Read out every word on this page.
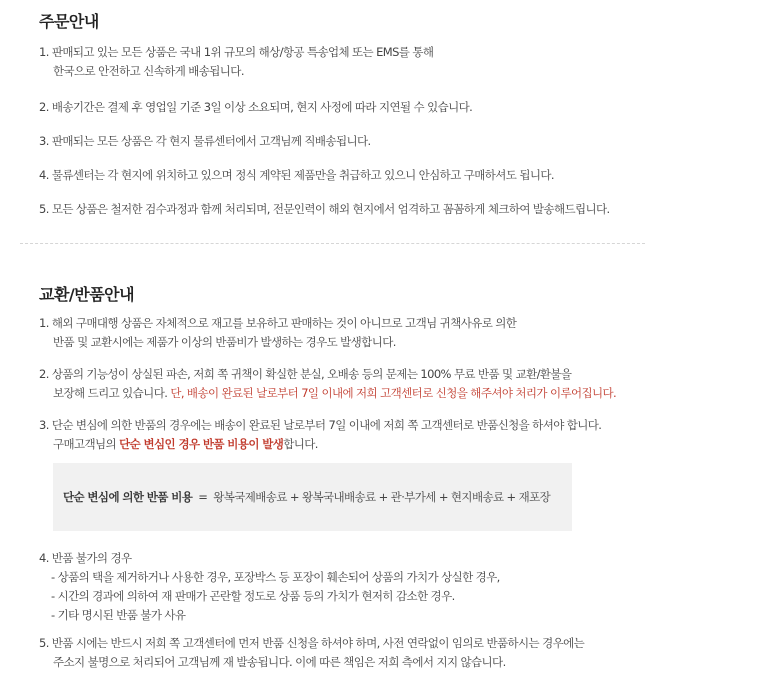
주문안내
1. 판매되고 있는 모든 상품은 국내 1위 규모의 해상/항공 특송업체 또는 EMS를 통해
한국으로 안전하고 신속하게 배송됩니다.
2. 배송기간은 결제 후 영업일 기준 3일 이상 소요되며, 현지 사정에 따라 지연될 수 있습니다.
3. 판매되는 모든 상품은 각 현지 물류센터에서 고객님께 직배송됩니다.
4. 물류센터는 각 현지에 위치하고 있으며 정식 계약된 제품만을 취급하고 있으니 안심하고 구매하셔도 됩니다.
5. 모든 상품은 철저한 검수과정과 함께 처리되며, 전문인력이 해외 현지에서 엄격하고 꼼꼼하게 체크하여 발송해드립니다.
교환/반품안내
1. 해외 구매대행 상품은 자체적으로 재고를 보유하고 판매하는 것이 아니므로 고객님 귀책사유로 의한
반품 및 교환시에는 제품가 이상의 반품비가 발생하는 경우도 발생합니다.
2. 상품의 기능성이 상실된 파손, 저희 쪽 귀책이 확실한 분실, 오배송 등의 문제는 100% 무료 반품 및 교환/환불을
보장해 드리고 있습니다. 단, 배송이 완료된 날로부터 7일 이내에 저희 고객센터로 신청을 해주셔야 처리가 이루어집니다.
3. 단순 변심에 의한 반품의 경우에는 배송이 완료된 날로부터 7일 이내에 저희 쪽 고객센터로 반품신청을 하셔야 합니다.
구매고객님의 단순 변심인 경우 반품 비용이 발생합니다.
단순 변심에 의한 반품 비용 = 왕복국제배송료 + 왕복국내배송료 + 관·부가세 + 현지배송료 + 재포장
4. 반품 불가의 경우
- 상품의 택을 제거하거나 사용한 경우, 포장박스 등 포장이 훼손되어 상품의 가치가 상실한 경우,
- 시간의 경과에 의하여 재 판매가 곤란할 정도로 상품 등의 가치가 현저히 감소한 경우.
- 기타 명시된 반품 불가 사유
5. 반품 시에는 반드시 저희 쪽 고객센터에 먼저 반품 신청을 하셔야 하며, 사전 연락없이 임의로 반품하시는 경우에는
주소지 불명으로 처리되어 고객님께 재 발송됩니다. 이에 따른 책임은 저희 측에서 지지 않습니다.
